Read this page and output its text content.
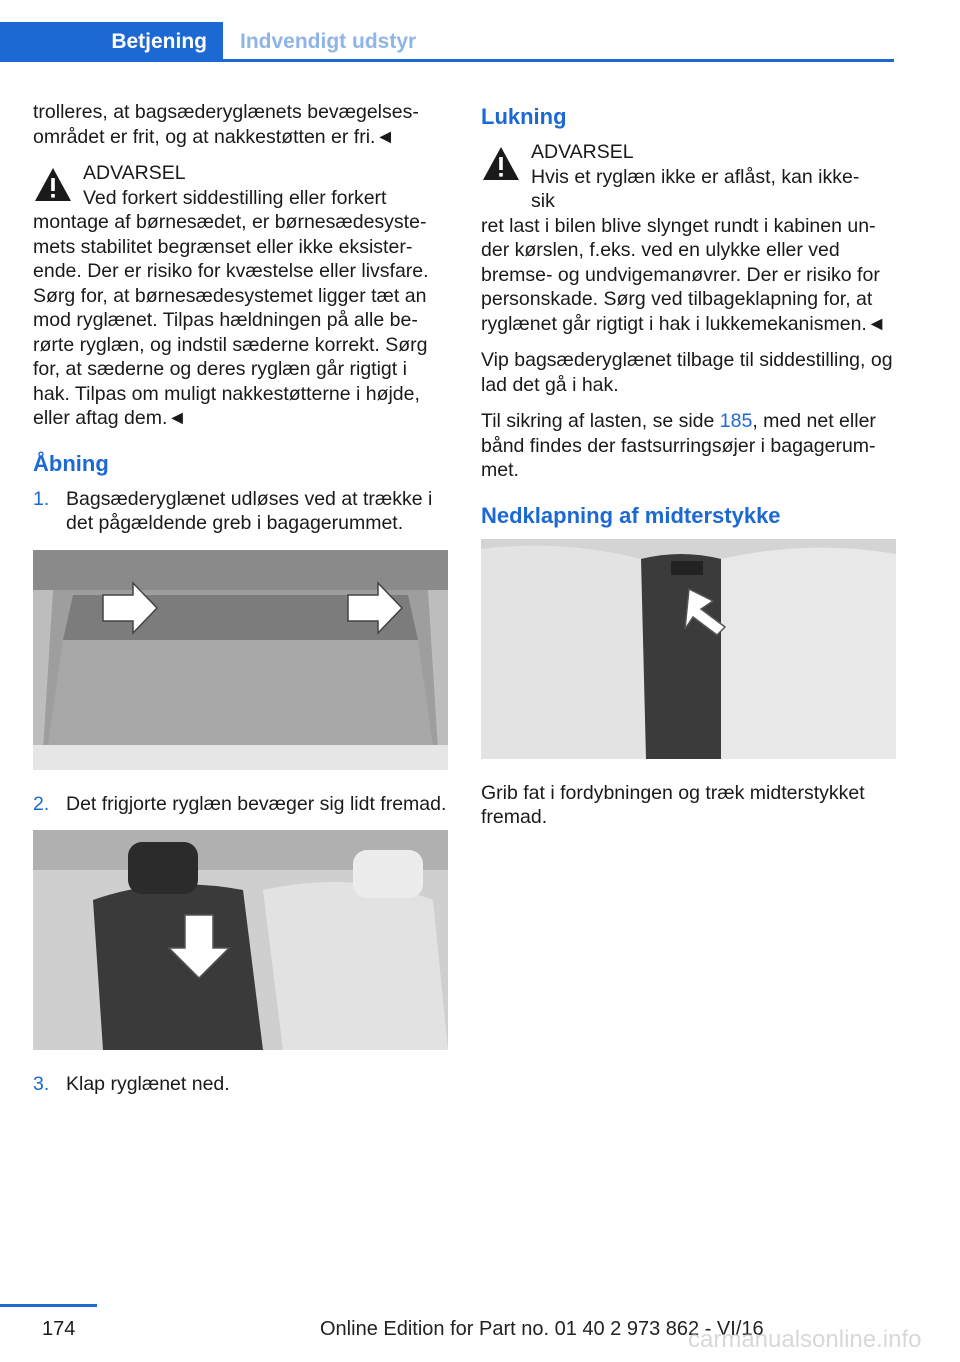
Betjening	Indvendigt udstyr

trolleres, at bagsæderyglænets bevægelsesområdet er frit, og at nakkestøtten er fri.◄

ADVARSEL
Ved forkert siddestilling eller forkert
montage af børnesædet, er børnesædesystemets stabilitet begrænset eller ikke eksisterende. Der er risiko for kvæstelse eller livsfare. Sørg for, at børnesædesystemet ligger tæt an mod ryglænet. Tilpas hældningen på alle berørte ryglæn, og indstil sæderne korrekt. Sørg for, at sæderne og deres ryglæn går rigtigt i hak. Tilpas om muligt nakkestøtterne i højde, eller aftag dem.◄
Åbning
1. Bagsæderyglænet udløses ved at trække i det pågældende greb i bagagerummet.
2. Det frigjorte ryglæn bevæger sig lidt fremad.
3. Klap ryglænet ned.
Lukning
ADVARSEL
Hvis et ryglæn ikke er aflåst, kan ikke-sik
ret last i bilen blive slynget rundt i kabinen under kørslen, f.eks. ved en ulykke eller ved bremse- og undvigemanøvrer. Der er risiko for personskade. Sørg ved tilbageklapning for, at ryglænet går rigtigt i hak i lukkemekanismen.◄

Vip bagsæderyglænet tilbage til siddestilling, og lad det gå i hak.

Til sikring af lasten, se side 185, med net eller bånd findes der fastsurringsøjer i bagagerummet.

Nedklapning af midterstykke

Grib fat i fordybningen og træk midterstykket fremad.

174	Online Edition for Part no. 01 40 2 973 862 - VI/16
carmanualsonline.info
